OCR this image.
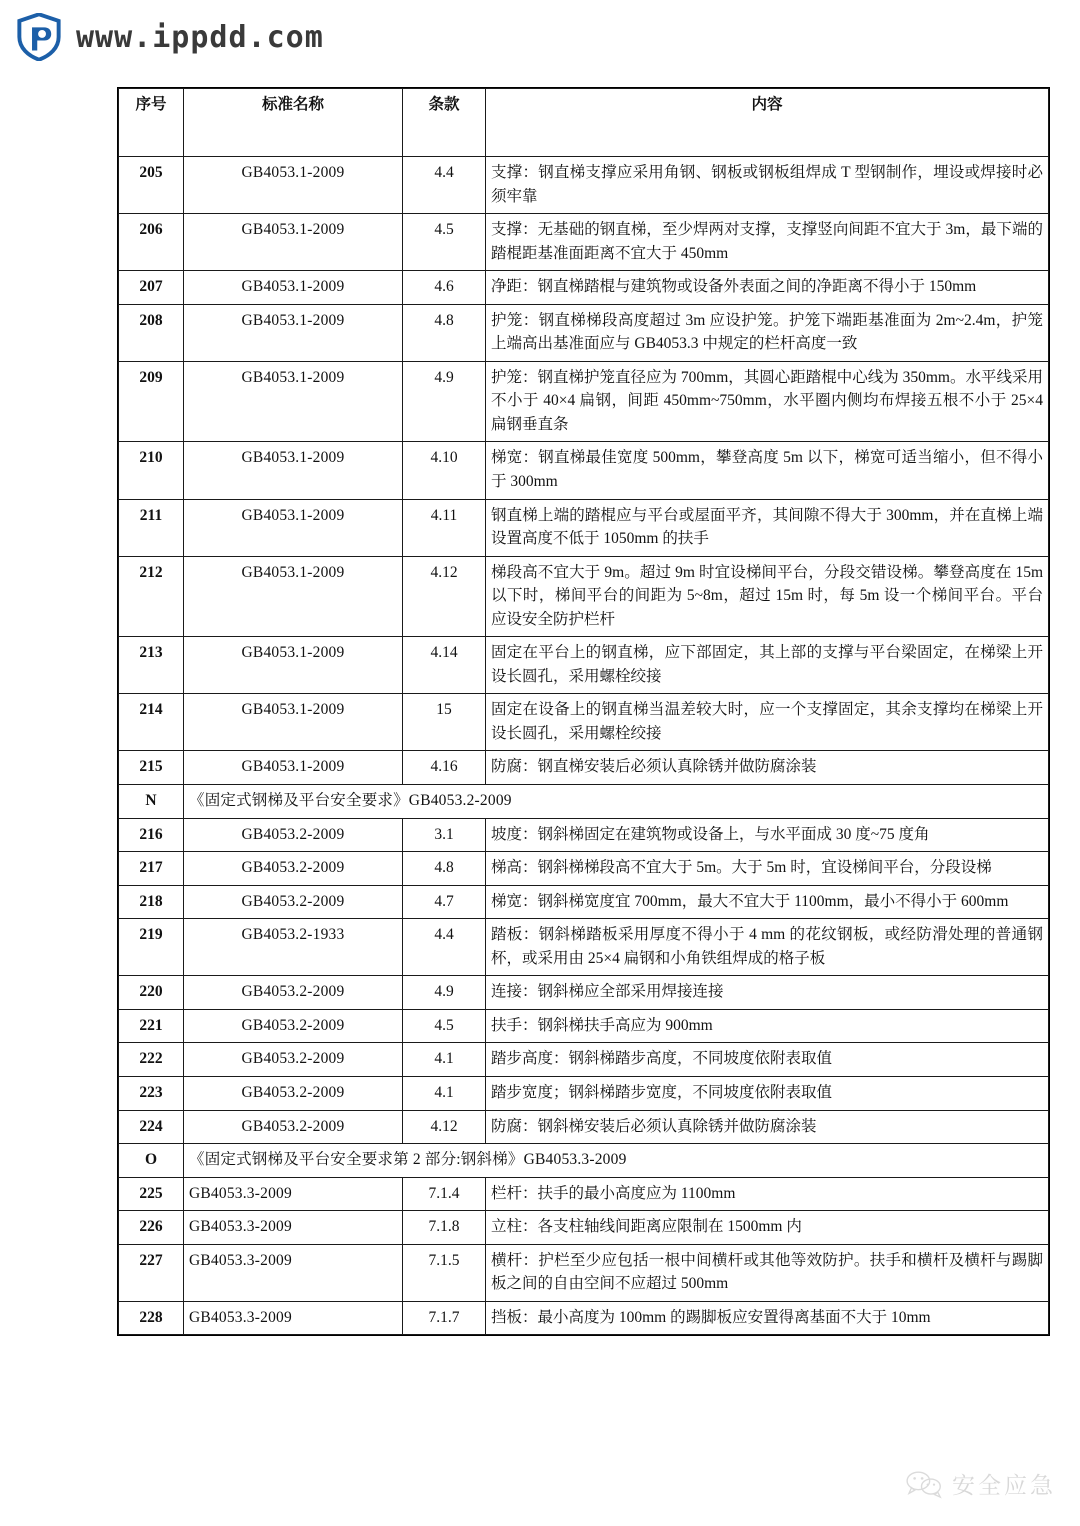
www.ippdd.com
序号	标准名称	条款	内容
205	GB4053.1-2009	4.4	支撑：钢直梯支撑应采用角钢、钢板或钢板组焊成 T 型钢制作，埋设或焊接时必须牢靠
206	GB4053.1-2009	4.5	支撑：无基础的钢直梯，至少焊两对支撑，支撑竖向间距不宜大于 3m，最下端的踏棍距基准面距离不宜大于 450mm
207	GB4053.1-2009	4.6	净距：钢直梯踏棍与建筑物或设备外表面之间的净距离不得小于 150mm
208	GB4053.1-2009	4.8	护笼：钢直梯梯段高度超过 3m 应设护笼。护笼下端距基准面为 2m~2.4m，护笼上端高出基准面应与 GB4053.3 中规定的栏杆高度一致
209	GB4053.1-2009	4.9	护笼：钢直梯护笼直径应为 700mm，其圆心距踏棍中心线为 350mm。水平线采用不小于 40×4 扁钢，间距 450mm~750mm，水平圈内侧均布焊接五根不小于 25×4 扁钢垂直条
210	GB4053.1-2009	4.10	梯宽：钢直梯最佳宽度 500mm，攀登高度 5m 以下，梯宽可适当缩小，但不得小于 300mm
211	GB4053.1-2009	4.11	钢直梯上端的踏棍应与平台或屋面平齐，其间隙不得大于 300mm，并在直梯上端设置高度不低于 1050mm 的扶手
212	GB4053.1-2009	4.12	梯段高不宜大于 9m。超过 9m 时宜设梯间平台，分段交错设梯。攀登高度在 15m 以下时，梯间平台的间距为 5~8m，超过 15m 时，每 5m 设一个梯间平台。平台应设安全防护栏杆
213	GB4053.1-2009	4.14	固定在平台上的钢直梯，应下部固定，其上部的支撑与平台梁固定，在梯梁上开设长圆孔，采用螺栓绞接
214	GB4053.1-2009	15	固定在设备上的钢直梯当温差较大时，应一个支撑固定，其余支撑均在梯梁上开设长圆孔，采用螺栓绞接
215	GB4053.1-2009	4.16	防腐：钢直梯安装后必须认真除锈并做防腐涂装
N	《固定式钢梯及平台安全要求》GB4053.2-2009		
216	GB4053.2-2009	3.1	坡度：钢斜梯固定在建筑物或设备上，与水平面成 30 度~75 度角
217	GB4053.2-2009	4.8	梯高：钢斜梯梯段高不宜大于 5m。大于 5m 时，宜设梯间平台，分段设梯
218	GB4053.2-2009	4.7	梯宽：钢斜梯宽度宜 700mm，最大不宜大于 1100mm，最小不得小于 600mm
219	GB4053.2-1933	4.4	踏板：钢斜梯踏板采用厚度不得小于 4 mm 的花纹钢板，或经防滑处理的普通钢杯，或采用由 25×4 扁钢和小角铁组焊成的格子板
220	GB4053.2-2009	4.9	连接：钢斜梯应全部采用焊接连接
221	GB4053.2-2009	4.5	扶手：钢斜梯扶手高应为 900mm
222	GB4053.2-2009	4.1	踏步高度：钢斜梯踏步高度，不同坡度依附表取值
223	GB4053.2-2009	4.1	踏步宽度；钢斜梯踏步宽度，不同坡度依附表取值
224	GB4053.2-2009	4.12	防腐：钢斜梯安装后必须认真除锈并做防腐涂装
O	《固定式钢梯及平台安全要求第 2 部分:钢斜梯》GB4053.3-2009		
225	GB4053.3-2009	7.1.4	栏杆：扶手的最小高度应为 1100mm
226	GB4053.3-2009	7.1.8	立柱：各支柱轴线间距离应限制在 1500mm 内
227	GB4053.3-2009	7.1.5	横杆：护栏至少应包括一根中间横杆或其他等效防护。扶手和横杆及横杆与踢脚板之间的自由空间不应超过 500mm
228	GB4053.3-2009	7.1.7	挡板：最小高度为 100mm 的踢脚板应安置得离基面不大于 10mm
安全应急
